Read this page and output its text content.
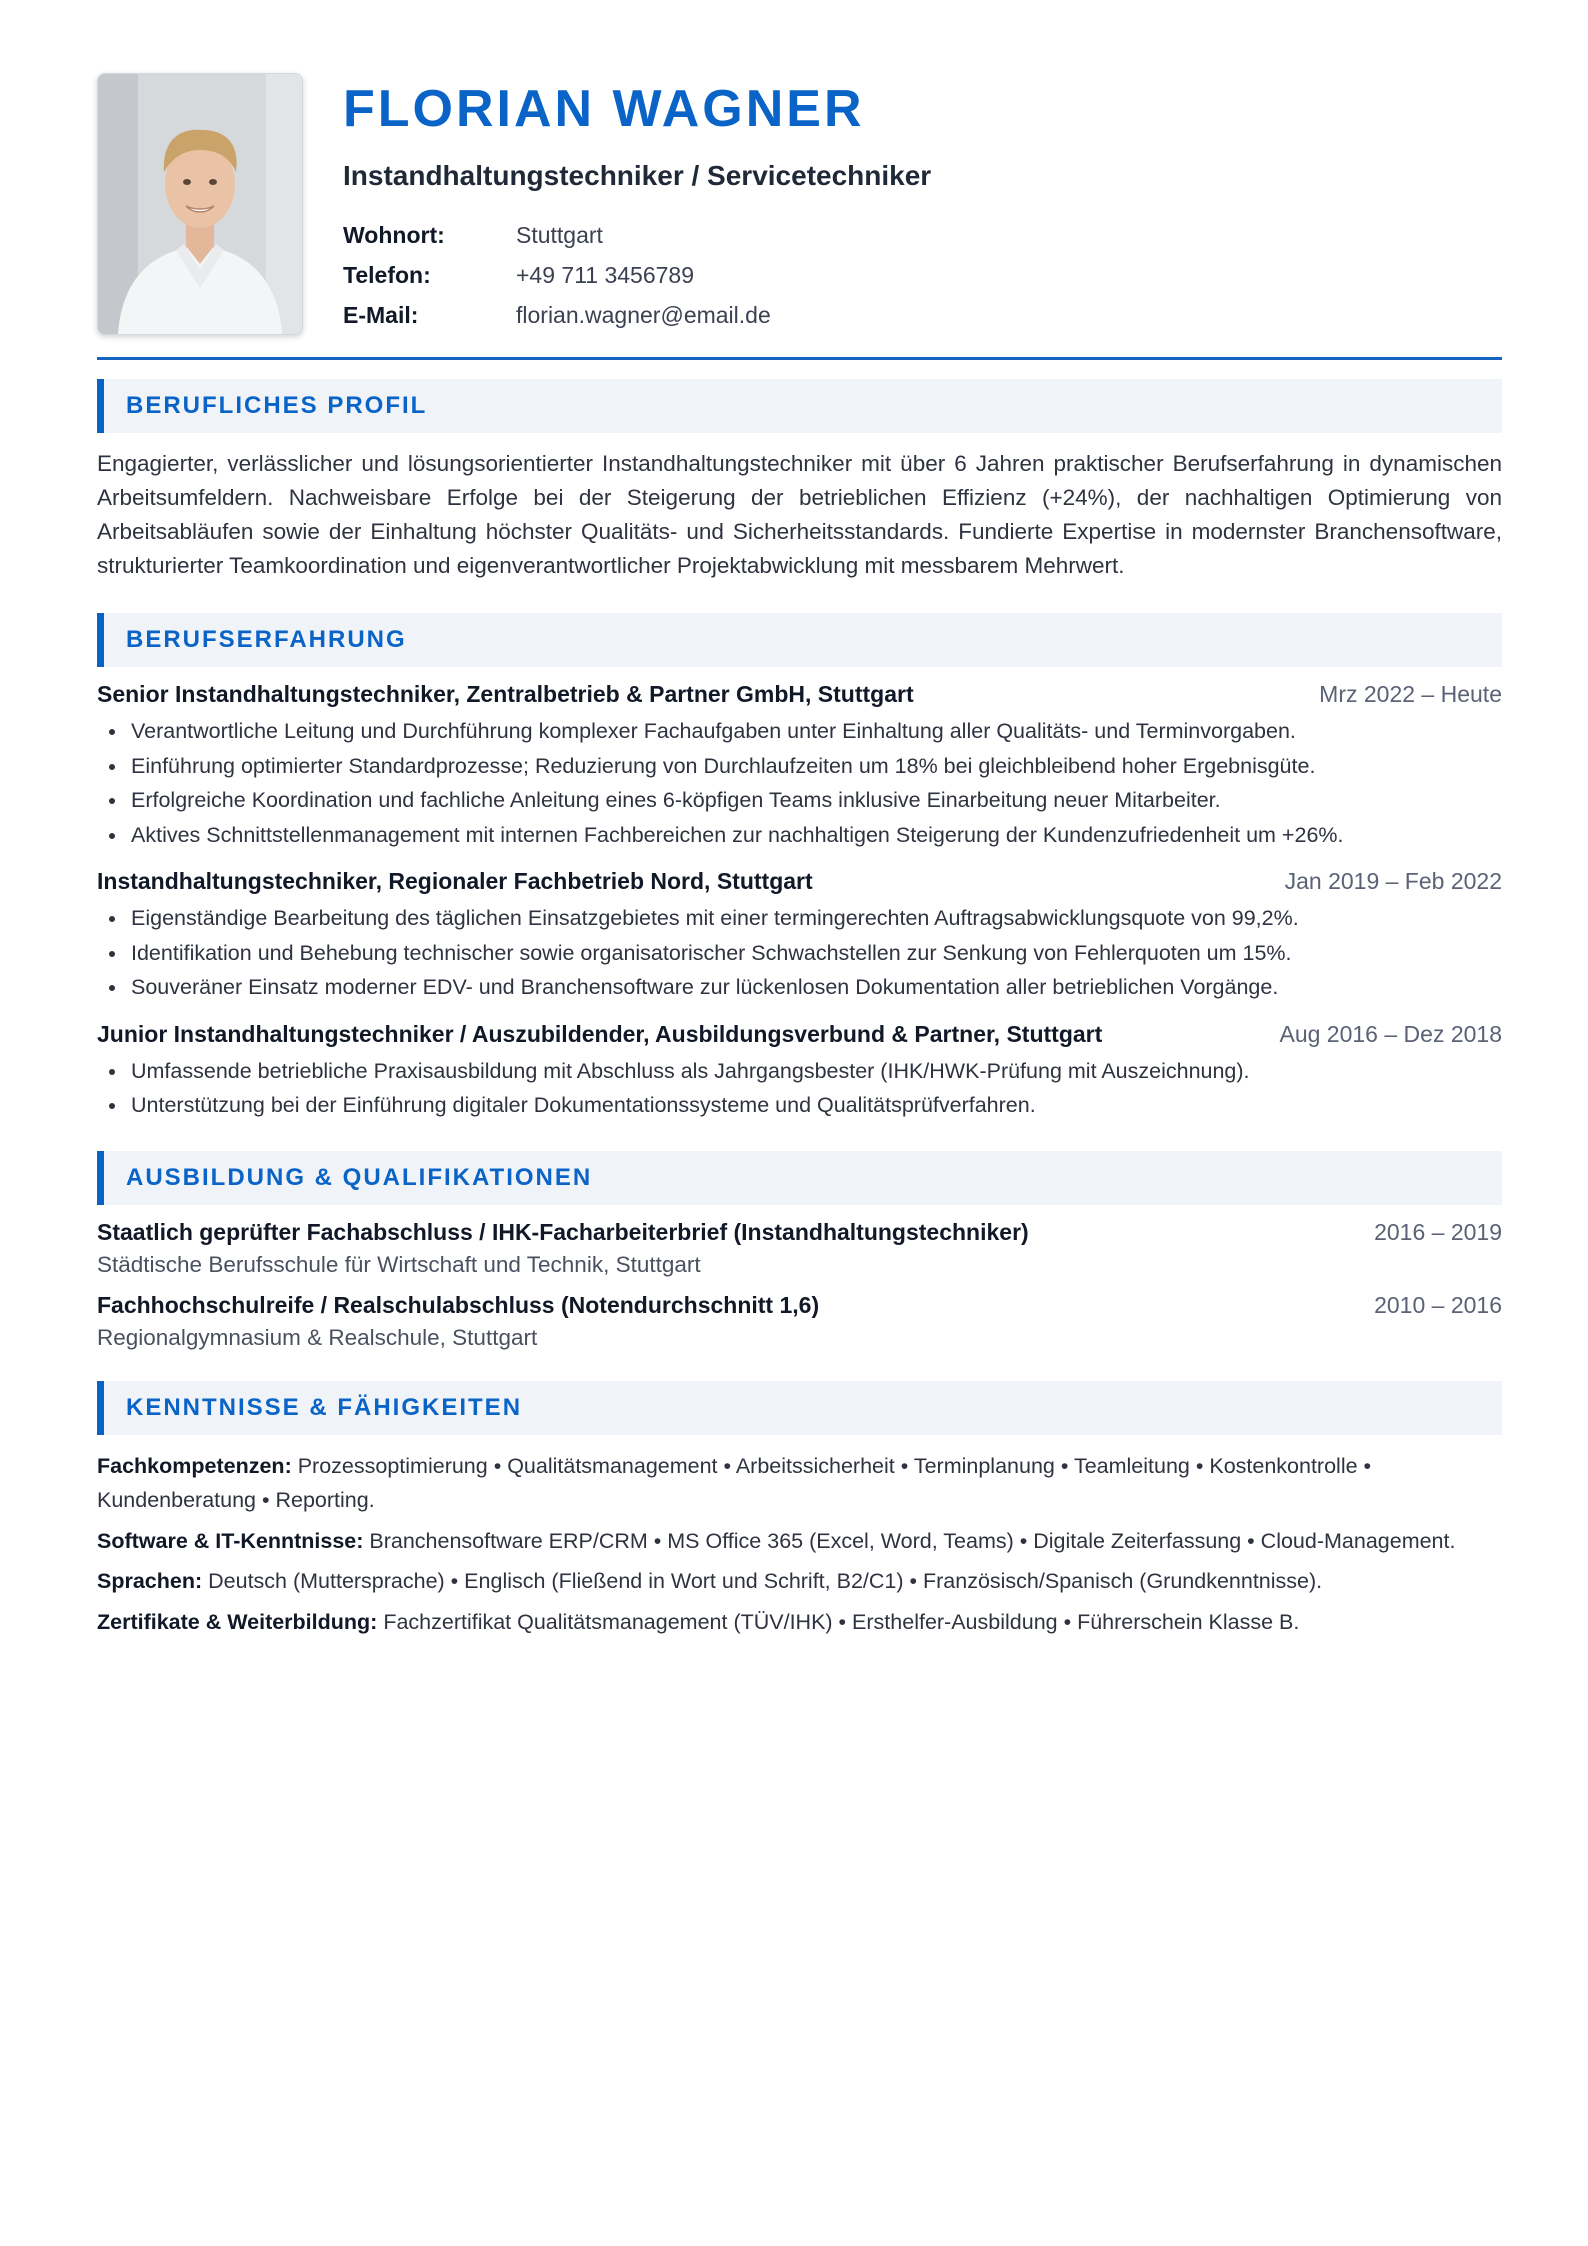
FLORIAN WAGNER
Instandhaltungstechniker / Servicetechniker
Wohnort:	Stuttgart
Telefon:	+49 711 3456789
E-Mail:	florian.wagner@email.de
BERUFLICHES PROFIL

Engagierter, verlässlicher und lösungsorientierter Instandhaltungstechniker mit über 6 Jahren praktischer Berufserfahrung in dynamischen Arbeitsumfeldern. Nachweisbare Erfolge bei der Steigerung der betrieblichen Effizienz (+24%), der nachhaltigen Optimierung von Arbeitsabläufen sowie der Einhaltung höchster Qualitäts- und Sicherheitsstandards. Fundierte Expertise in modernster Branchensoftware, strukturierter Teamkoordination und eigenverantwortlicher Projektabwicklung mit messbarem Mehrwert.

BERUFSERFAHRUNG
Senior Instandhaltungstechniker, Zentralbetrieb & Partner GmbH, Stuttgart	Mrz 2022 – Heute
Verantwortliche Leitung und Durchführung komplexer Fachaufgaben unter Einhaltung aller Qualitäts- und Terminvorgaben.
Einführung optimierter Standardprozesse; Reduzierung von Durchlaufzeiten um 18% bei gleichbleibend hoher Ergebnisgüte.
Erfolgreiche Koordination und fachliche Anleitung eines 6-köpfigen Teams inklusive Einarbeitung neuer Mitarbeiter.
Aktives Schnittstellenmanagement mit internen Fachbereichen zur nachhaltigen Steigerung der Kundenzufriedenheit um +26%.
Instandhaltungstechniker, Regionaler Fachbetrieb Nord, Stuttgart	Jan 2019 – Feb 2022
Eigenständige Bearbeitung des täglichen Einsatzgebietes mit einer termingerechten Auftragsabwicklungsquote von 99,2%.
Identifikation und Behebung technischer sowie organisatorischer Schwachstellen zur Senkung von Fehlerquoten um 15%.
Souveräner Einsatz moderner EDV- und Branchensoftware zur lückenlosen Dokumentation aller betrieblichen Vorgänge.
Junior Instandhaltungstechniker / Auszubildender, Ausbildungsverbund & Partner, Stuttgart	Aug 2016 – Dez 2018
Umfassende betriebliche Praxisausbildung mit Abschluss als Jahrgangsbester (IHK/HWK-Prüfung mit Auszeichnung).
Unterstützung bei der Einführung digitaler Dokumentationssysteme und Qualitätsprüfverfahren.
AUSBILDUNG & QUALIFIKATIONEN
Staatlich geprüfter Fachabschluss / IHK-Facharbeiterbrief (Instandhaltungstechniker)	2016 – 2019
Städtische Berufsschule für Wirtschaft und Technik, Stuttgart
Fachhochschulreife / Realschulabschluss (Notendurchschnitt 1,6)	2010 – 2016
Regionalgymnasium & Realschule, Stuttgart
KENNTNISSE & FÄHIGKEITEN
Fachkompetenzen: Prozessoptimierung • Qualitätsmanagement • Arbeitssicherheit • Terminplanung • Teamleitung • Kostenkontrolle • Kundenberatung • Reporting.
Software & IT-Kenntnisse: Branchensoftware ERP/CRM • MS Office 365 (Excel, Word, Teams) • Digitale Zeiterfassung • Cloud-Management.
Sprachen: Deutsch (Muttersprache) • Englisch (Fließend in Wort und Schrift, B2/C1) • Französisch/Spanisch (Grundkenntnisse).
Zertifikate & Weiterbildung: Fachzertifikat Qualitätsmanagement (TÜV/IHK) • Ersthelfer-Ausbildung • Führerschein Klasse B.
